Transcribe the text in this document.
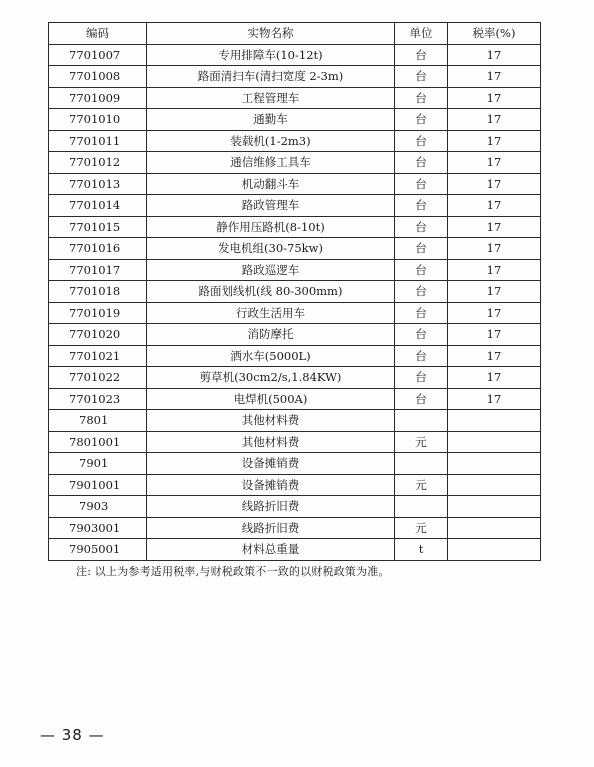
编码	实物名称	单位	税率(%)
7701007	专用排障车(10-12t)	台	17
7701008	路面清扫车(清扫宽度 2-3m)	台	17
7701009	工程管理车	台	17
7701010	通勤车	台	17
7701011	装载机(1-2m3)	台	17
7701012	通信维修工具车	台	17
7701013	机动翻斗车	台	17
7701014	路政管理车	台	17
7701015	静作用压路机(8-10t)	台	17
7701016	发电机组(30-75kw)	台	17
7701017	路政巡逻车	台	17
7701018	路面划线机(线 80-300mm)	台	17
7701019	行政生活用车	台	17
7701020	消防摩托	台	17
7701021	洒水车(5000L)	台	17
7701022	剪草机(30cm2/s,1.84KW)	台	17
7701023	电焊机(500A)	台	17
7801	其他材料费		
7801001	其他材料费	元	
7901	设备摊销费		
7901001	设备摊销费	元	
7903	线路折旧费		
7903001	线路折旧费	元	
7905001	材料总重量	t	
注: 以上为参考适用税率,与财税政策不一致的以财税政策为准。
— 38 —
